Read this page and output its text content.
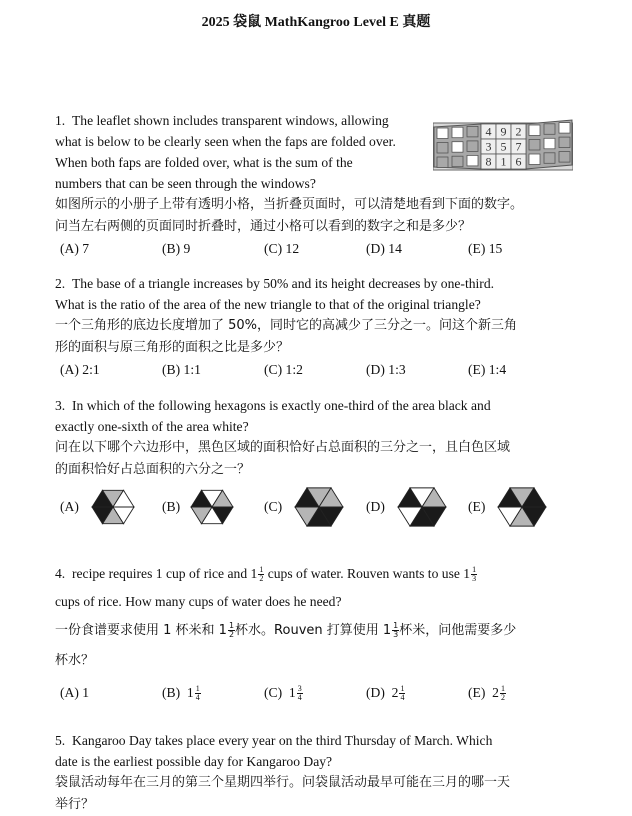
2025 袋鼠 MathKangroo Level E 真题
1. The leaflet shown includes transparent windows, allowing
what is below to be clearly seen when the faps are folded over.
When both faps are folded over, what is the sum of the
numbers that can be seen through the windows?
4 9 2
3 5 7
8 1 6
如图所示的小册子上带有透明小格，当折叠页面时，可以清楚地看到下面的数字。
问当左右两侧的页面同时折叠时，通过小格可以看到的数字之和是多少？
(A) 7	(B) 9	(C) 12	(D) 14	(E) 15
2. The base of a triangle increases by 50% and its height decreases by one-third.
What is the ratio of the area of the new triangle to that of the original triangle?
一个三角形的底边长度增加了 50%，同时它的高减少了三分之一。问这个新三角
形的面积与原三角形的面积之比是多少？
(A) 2:1	(B) 1:1	(C) 1:2	(D) 1:3	(E) 1:4
3. In which of the following hexagons is exactly one-third of the area black and
exactly one-sixth of the area white?
问在以下哪个六边形中，黑色区域的面积恰好占总面积的三分之一，且白色区域
的面积恰好占总面积的六分之一？
(A)	(B)	(C)	(D)	(E)

4. recipe requires 1 cup of rice and $1 \frac{1}{2}$ cups of water. Rouven wants to use $1 \frac{1}{3}$

cups of rice. How many cups of water does he need?

一份食谱要求使用 1 杯米和 $1 \frac{1}{2}$ 杯水。Rouven 打算使用 $1 \frac{1}{3}$ 杯米，问他需要多少

杯水？

(A) 1	(B) $1 \frac{1}{4}$	(C) $1 \frac{3}{4}$	(D) $2 \frac{1}{4}$	(E) $2 \frac{1}{2}$
5. Kangaroo Day takes place every year on the third Thursday of March. Which
date is the earliest possible day for Kangaroo Day?
袋鼠活动每年在三月的第三个星期四举行。问袋鼠活动最早可能在三月的哪一天
举行？
